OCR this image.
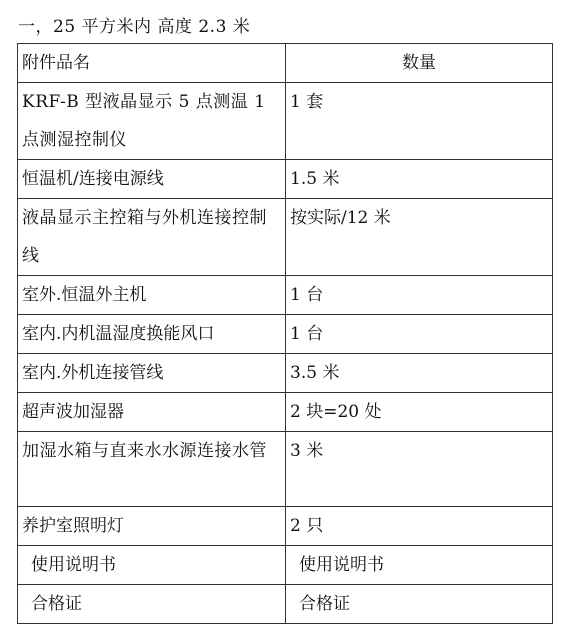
一，25 平方米内 高度 2.3 米
附件品名	数量

KRF-B 型液晶显示 5 点测温 1 点测湿控制仪	1 套
恒温机/连接电源线	1.5 米

液晶显示主控箱与外机连接控制线	按实际/12 米
室外.恒温外主机	1 台
室内.内机温湿度换能风口	1 台
室内.外机连接管线	3.5 米
超声波加湿器	2 块=20 处

加湿水箱与直来水水源连接水管	3 米
养护室照明灯	2 只
使用说明书	使用说明书
合格证	合格证
